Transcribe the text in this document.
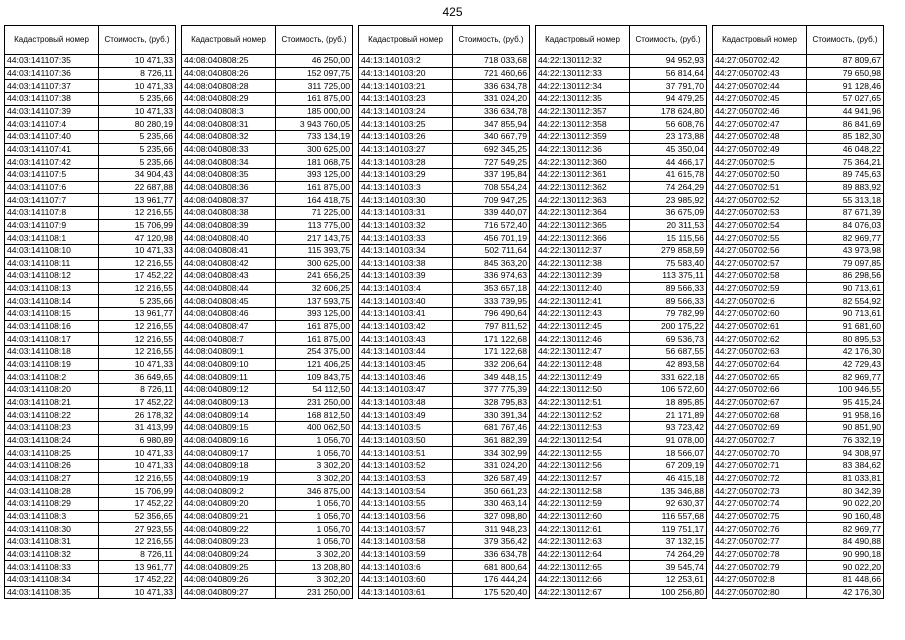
425
Кадастровый номер	Стоимость, (руб.)
44:03:141107:35	10 471,33
44:03:141107:36	8 726,11
44:03:141107:37	10 471,33
44:03:141107:38	5 235,66
44:03:141107:39	10 471,33
44:03:141107:4	80 280,19
44:03:141107:40	5 235,66
44:03:141107:41	5 235,66
44:03:141107:42	5 235,66
44:03:141107:5	34 904,43
44:03:141107:6	22 687,88
44:03:141107:7	13 961,77
44:03:141107:8	12 216,55
44:03:141107:9	15 706,99
44:03:141108:1	47 120,98
44:03:141108:10	10 471,33
44:03:141108:11	12 216,55
44:03:141108:12	17 452,22
44:03:141108:13	12 216,55
44:03:141108:14	5 235,66
44:03:141108:15	13 961,77
44:03:141108:16	12 216,55
44:03:141108:17	12 216,55
44:03:141108:18	12 216,55
44:03:141108:19	10 471,33
44:03:141108:2	36 649,65
44:03:141108:20	8 726,11
44:03:141108:21	17 452,22
44:03:141108:22	26 178,32
44:03:141108:23	31 413,99
44:03:141108:24	6 980,89
44:03:141108:25	10 471,33
44:03:141108:26	10 471,33
44:03:141108:27	12 216,55
44:03:141108:28	15 706,99
44:03:141108:29	17 452,22
44:03:141108:3	52 356,65
44:03:141108:30	27 923,55
44:03:141108:31	12 216,55
44:03:141108:32	8 726,11
44:03:141108:33	13 961,77
44:03:141108:34	17 452,22
44:03:141108:35	10 471,33
Кадастровый номер	Стоимость, (руб.)
44:08:040808:25	46 250,00
44:08:040808:26	152 097,75
44:08:040808:28	311 725,00
44:08:040808:29	161 875,00
44:08:040808:3	185 000,00
44:08:040808:31	3 943 760,05
44:08:040808:32	733 134,19
44:08:040808:33	300 625,00
44:08:040808:34	181 068,75
44:08:040808:35	393 125,00
44:08:040808:36	161 875,00
44:08:040808:37	164 418,75
44:08:040808:38	71 225,00
44:08:040808:39	113 775,00
44:08:040808:40	217 143,75
44:08:040808:41	115 393,75
44:08:040808:42	300 625,00
44:08:040808:43	241 656,25
44:08:040808:44	32 606,25
44:08:040808:45	137 593,75
44:08:040808:46	393 125,00
44:08:040808:47	161 875,00
44:08:040808:7	161 875,00
44:08:040809:1	254 375,00
44:08:040809:10	121 406,25
44:08:040809:11	109 843,75
44:08:040809:12	54 112,50
44:08:040809:13	231 250,00
44:08:040809:14	168 812,50
44:08:040809:15	400 062,50
44:08:040809:16	1 056,70
44:08:040809:17	1 056,70
44:08:040809:18	3 302,20
44:08:040809:19	3 302,20
44:08:040809:2	346 875,00
44:08:040809:20	1 056,70
44:08:040809:21	1 056,70
44:08:040809:22	1 056,70
44:08:040809:23	1 056,70
44:08:040809:24	3 302,20
44:08:040809:25	13 208,80
44:08:040809:26	3 302,20
44:08:040809:27	231 250,00
Кадастровый номер	Стоимость, (руб.)
44:13:140103:2	718 033,68
44:13:140103:20	721 460,66
44:13:140103:21	336 634,78
44:13:140103:23	331 024,20
44:13:140103:24	336 634,78
44:13:140103:25	347 855,94
44:13:140103:26	340 667,79
44:13:140103:27	692 345,25
44:13:140103:28	727 549,25
44:13:140103:29	337 195,84
44:13:140103:3	708 554,24
44:13:140103:30	709 947,25
44:13:140103:31	339 440,07
44:13:140103:32	716 572,40
44:13:140103:33	456 701,19
44:13:140103:34	502 711,64
44:13:140103:38	845 363,20
44:13:140103:39	336 974,63
44:13:140103:4	353 657,18
44:13:140103:40	333 739,95
44:13:140103:41	796 490,64
44:13:140103:42	797 811,52
44:13:140103:43	171 122,68
44:13:140103:44	171 122,68
44:13:140103:45	332 206,64
44:13:140103:46	349 448,15
44:13:140103:47	377 775,39
44:13:140103:48	328 795,83
44:13:140103:49	330 391,34
44:13:140103:5	681 767,46
44:13:140103:50	361 882,39
44:13:140103:51	334 302,99
44:13:140103:52	331 024,20
44:13:140103:53	326 587,49
44:13:140103:54	350 661,23
44:13:140103:55	330 463,14
44:13:140103:56	327 098,80
44:13:140103:57	311 948,23
44:13:140103:58	379 356,42
44:13:140103:59	336 634,78
44:13:140103:6	681 800,64
44:13:140103:60	176 444,24
44:13:140103:61	175 520,40
Кадастровый номер	Стоимость, (руб.)
44:22:130112:32	94 952,93
44:22:130112:33	56 814,64
44:22:130112:34	37 791,70
44:22:130112:35	94 479,25
44:22:130112:357	178 624,80
44:22:130112:358	56 608,76
44:22:130112:359	23 173,88
44:22:130112:36	45 350,04
44:22:130112:360	44 466,17
44:22:130112:361	41 615,78
44:22:130112:362	74 264,29
44:22:130112:363	23 985,92
44:22:130112:364	36 675,09
44:22:130112:365	20 311,53
44:22:130112:366	15 115,56
44:22:130112:37	279 858,59
44:22:130112:38	75 583,40
44:22:130112:39	113 375,11
44:22:130112:40	89 566,33
44:22:130112:41	89 566,33
44:22:130112:43	79 782,99
44:22:130112:45	200 175,22
44:22:130112:46	69 536,73
44:22:130112:47	56 687,55
44:22:130112:48	42 893,58
44:22:130112:49	331 622,18
44:22:130112:50	106 572,60
44:22:130112:51	18 895,85
44:22:130112:52	21 171,89
44:22:130112:53	93 723,42
44:22:130112:54	91 078,00
44:22:130112:55	18 566,07
44:22:130112:56	67 209,19
44:22:130112:57	46 415,18
44:22:130112:58	135 346,88
44:22:130112:59	92 630,37
44:22:130112:60	116 557,68
44:22:130112:61	119 751,17
44:22:130112:63	37 132,15
44:22:130112:64	74 264,29
44:22:130112:65	39 545,74
44:22:130112:66	12 253,61
44:22:130112:67	100 256,80
Кадастровый номер	Стоимость, (руб.)
44:27:050702:42	87 809,67
44:27:050702:43	79 650,98
44:27:050702:44	91 128,46
44:27:050702:45	57 027,65
44:27:050702:46	44 941,96
44:27:050702:47	86 841,69
44:27:050702:48	85 182,30
44:27:050702:49	46 048,22
44:27:050702:5	75 364,21
44:27:050702:50	89 745,63
44:27:050702:51	89 883,92
44:27:050702:52	55 313,18
44:27:050702:53	87 671,39
44:27:050702:54	84 076,03
44:27:050702:55	82 969,77
44:27:050702:56	43 973,98
44:27:050702:57	79 097,85
44:27:050702:58	86 298,56
44:27:050702:59	90 713,61
44:27:050702:6	82 554,92
44:27:050702:60	90 713,61
44:27:050702:61	91 681,60
44:27:050702:62	80 895,53
44:27:050702:63	42 176,30
44:27:050702:64	42 729,43
44:27:050702:65	82 969,77
44:27:050702:66	100 946,55
44:27:050702:67	95 415,24
44:27:050702:68	91 958,16
44:27:050702:69	90 851,90
44:27:050702:7	76 332,19
44:27:050702:70	94 308,97
44:27:050702:71	83 384,62
44:27:050702:72	81 033,81
44:27:050702:73	80 342,39
44:27:050702:74	90 022,20
44:27:050702:75	90 160,48
44:27:050702:76	82 969,77
44:27:050702:77	84 490,88
44:27:050702:78	90 990,18
44:27:050702:79	90 022,20
44:27:050702:8	81 448,66
44:27:050702:80	42 176,30
